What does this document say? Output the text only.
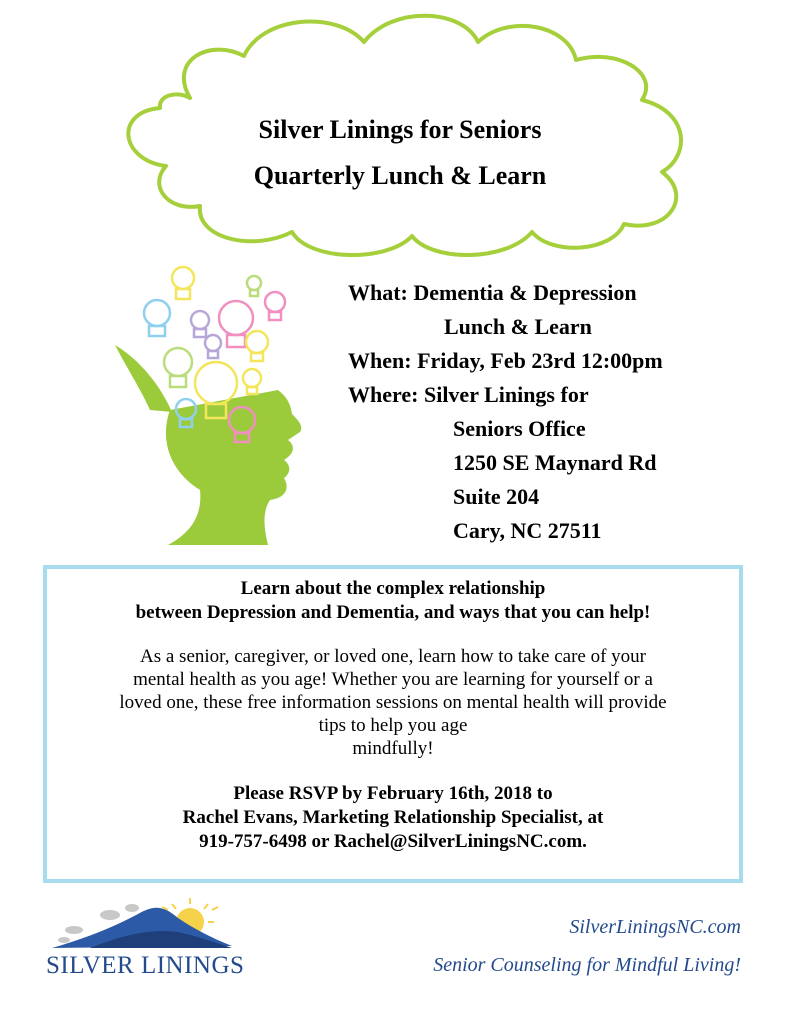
Silver Linings for Seniors
Quarterly Lunch & Learn
What: Dementia & Depression
Lunch & Learn
When: Friday, Feb 23rd 12:00pm
Where: Silver Linings for
Seniors Office
1250 SE Maynard Rd
Suite 204
Cary, NC 27511
Learn about the complex relationship
between Depression and Dementia, and ways that you can help!
As a senior, caregiver, or loved one, learn how to take care of your
mental health as you age! Whether you are learning for yourself or a
loved one, these free information sessions on mental health will provide
tips to help you age
mindfully!
Please RSVP by February 16th, 2018 to
Rachel Evans, Marketing Relationship Specialist, at
919-757-6498 or Rachel@SilverLiningsNC.com.
SILVER LININGS
SilverLiningsNC.com
Senior Counseling for Mindful Living!
